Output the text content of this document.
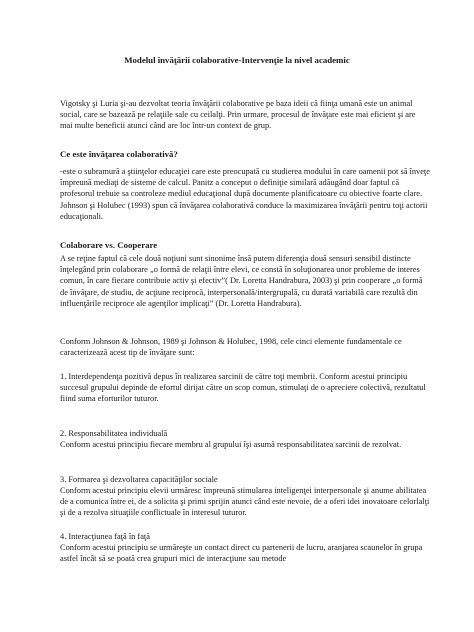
Modelul învăţării colaborative-Intervenţie la nivel academic

Vigotsky şi Luria şi-au dezvoltat teoria învăţării colaborative pe baza ideii că fiinţa umană este un animal social, care se bazează pe relaţiile sale cu ceilalţi. Prin urmare, procesul de învăţare este mai eficient şi are mai multe beneficii atunci când are loc într-un context de grup.

Ce este învăţarea colaborativă?

-este o subramură a ştiinţelor educaţiei care este preocupată cu studierea modului în care oamenii pot să înveţe împreună mediaţi de sisteme de calcul. Panitz a conceput o definiţie similară adăugând doar faptul că profesorul trebuie sa controleze mediul educaţional după documente planificatoare cu obiective foarte clare. Johnson şi Holubec (1993) spun că învăţarea colaborativă conduce la maximizarea învăţării pentru toţi actorii educaţionali.

Colaborare vs. Cooperare

A se reţine faptul că cele două noţiuni sunt sinonime însă putem diferenţia două sensuri sensibil distincte înţelegând prin colaborare „o formă de relaţii între elevi, ce constă în soluţionarea unor probleme de interes comun, în care fiecare contribuie activ şi efectiv”( Dr. Loretta Handrabura, 2003) şi prin cooperare „o formă de învăţare, de studiu, de acţiune reciprocă, interpersonală/intergrupală, cu durată variabilă care rezultă din influenţările reciproce ale agenţilor implicaţi” (Dr. Loretta Handrabura).

Conform Johnson & Johnson, 1989 şi Johnson & Holubec, 1998, cele cinci elemente fundamentale ce caracterizează acest tip de învăţare sunt:

1. Interdependenţa pozitivă depus în realizarea sarcinii de către toţi membrii. Conform acestui principiu succesul grupului depinde de efortul dirijat către un scop comun, stimulaţi de o apreciere colectivă, rezultatul fiind suma eforturilor tuturor.

2. Responsabilitatea individuală

Conform acestui principiu fiecare membru al grupului îşi asumă responsabilitatea sarcinii de rezolvat.

3. Formarea şi dezvoltarea capacităţilor sociale

Conform acestui principiu elevii urmăresc împreună stimularea inteligenţei interpersonale şi anume abilitatea de a comunica între ei, de a solicita şi primi sprijin atunci când este nevoie, de a oferi idei inovatoare celorlalţi şi de a rezolva situaţiile conflictuale în interesul tuturor.

4. Interacţiunea faţă în faţă

Conform acestui principiu se urmăreşte un contact direct cu partenerii de lucru, aranjarea scaunelor în grupa astfel încât să se poată crea grupuri mici de interacţiune sau metode
